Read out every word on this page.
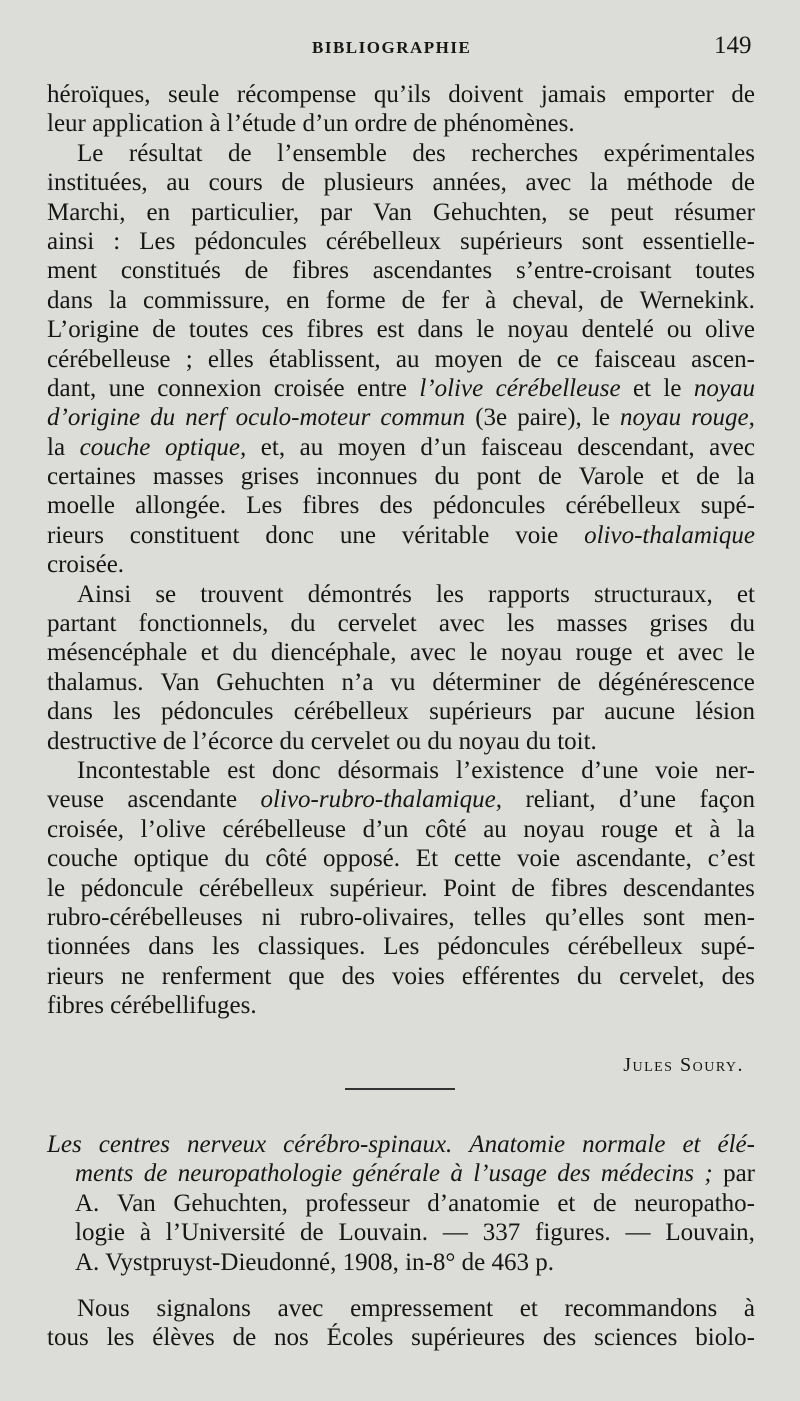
BIBLIOGRAPHIE	149
héroïques, seule récompense qu’ils doivent jamais emporter de
leur application à l’étude d’un ordre de phénomènes.
Le résultat de l’ensemble des recherches expérimentales
instituées, au cours de plusieurs années, avec la méthode de
Marchi, en particulier, par Van Gehuchten, se peut résumer
ainsi : Les pédoncules cérébelleux supérieurs sont essentielle-
ment constitués de fibres ascendantes s’entre-croisant toutes
dans la commissure, en forme de fer à cheval, de Wernekink.
L’origine de toutes ces fibres est dans le noyau dentelé ou olive
cérébelleuse ; elles établissent, au moyen de ce faisceau ascen-
dant, une connexion croisée entre l’olive cérébelleuse et le noyau
d’origine du nerf oculo-moteur commun (3e paire), le noyau rouge,
la couche optique, et, au moyen d’un faisceau descendant, avec
certaines masses grises inconnues du pont de Varole et de la
moelle allongée. Les fibres des pédoncules cérébelleux supé-
rieurs constituent donc une véritable voie olivo-thalamique
croisée.
Ainsi se trouvent démontrés les rapports structuraux, et
partant fonctionnels, du cervelet avec les masses grises du
mésencéphale et du diencéphale, avec le noyau rouge et avec le
thalamus. Van Gehuchten n’a vu déterminer de dégénérescence
dans les pédoncules cérébelleux supérieurs par aucune lésion
destructive de l’écorce du cervelet ou du noyau du toit.
Incontestable est donc désormais l’existence d’une voie ner-
veuse ascendante olivo-rubro-thalamique, reliant, d’une façon
croisée, l’olive cérébelleuse d’un côté au noyau rouge et à la
couche optique du côté opposé. Et cette voie ascendante, c’est
le pédoncule cérébelleux supérieur. Point de fibres descendantes
rubro-cérébelleuses ni rubro-olivaires, telles qu’elles sont men-
tionnées dans les classiques. Les pédoncules cérébelleux supé-
rieurs ne renferment que des voies efférentes du cervelet, des
fibres cérébellifuges.
Jules Soury.
Les centres nerveux cérébro-spinaux. Anatomie normale et élé-
ments de neuropathologie générale à l’usage des médecins ; par
A. Van Gehuchten, professeur d’anatomie et de neuropatho-
logie à l’Université de Louvain. — 337 figures. — Louvain,
A. Vystpruyst-Dieudonné, 1908, in-8° de 463 p.
Nous signalons avec empressement et recommandons à
tous les élèves de nos Écoles supérieures des sciences biolo-
